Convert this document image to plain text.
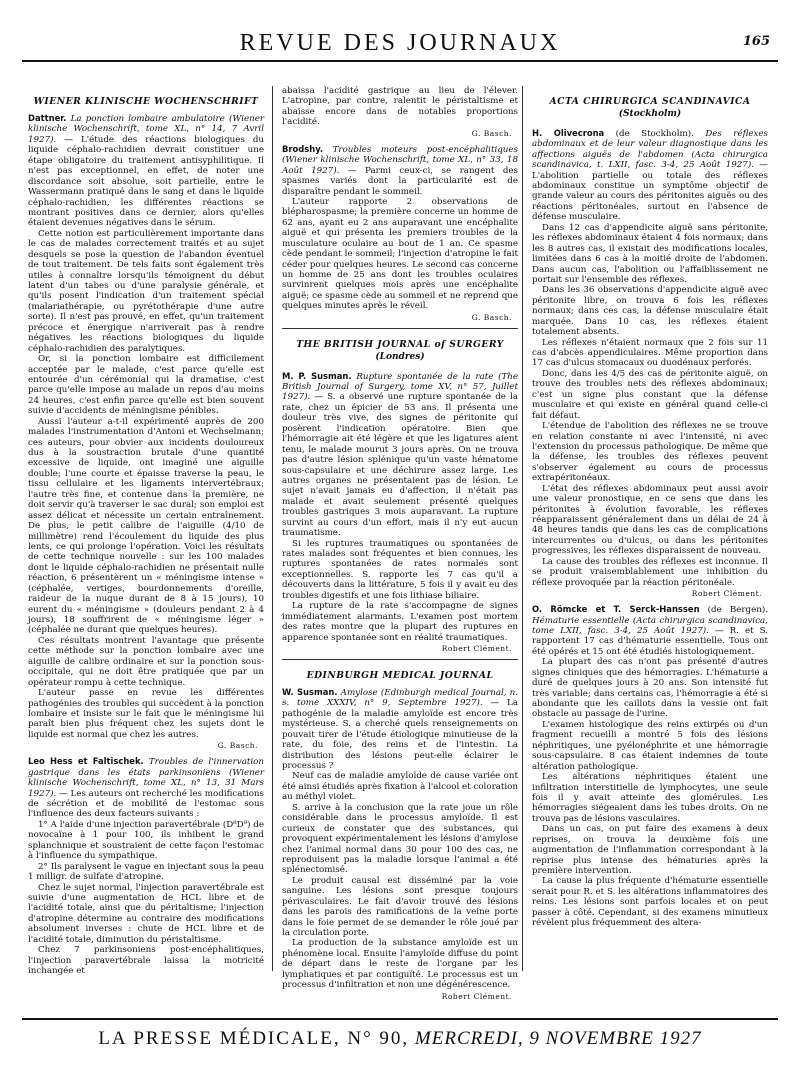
REVUE DES JOURNAUX	165
WIENER KLINISCHE WOCHENSCHRIFT

Dattner. La ponction lombaire ambulatoire (Wiener klinische Wochenschrift, tome XL, n° 14, 7 Avril 1927). — L'étude des réactions biologiques du liquide céphalo-rachidien devrait constituer une étape obligatoire du traitement antisyphilitique. Il n'est pas exceptionnel, en effet, de noter une discordance soit absolue, soit partielle, entre le Wassermann pratiqué dans le sang et dans le liquide céphalo-rachidien, les différentes réactions se montrant positives dans ce dernier, alors qu'elles étaient devenues négatives dans le sérum.

Cette notion est particulièrement importante dans le cas de malades correctement traités et au sujet desquels se pose la question de l'abandon éventuel de tout traitement. De tels faits sont également très utiles à connaître lorsqu'ils témoignent du début latent d'un tabes ou d'une paralysie générale, et qu'ils posent l'indication d'un traitement spécial (malariathérapie, ou pyrétothérapie d'une autre sorte). Il n'est pas prouvé, en effet, qu'un traitement précoce et énergique n'arriverait pas à rendre négatives les réactions biologiques du liquide céphalo-rachidien des paralytiques.

Or, si la ponction lombaire est difficilement acceptée par le malade, c'est parce qu'elle est entourée d'un cérémonial qui la dramatise, c'est parce qu'elle impose au malade un repos d'au moins 24 heures, c'est enfin parce qu'elle est bien souvent suivie d'accidents de méningisme pénibles.

Aussi l'auteur a-t-il expérimenté auprès de 200 malades l'instrumentation d'Antoni et Wechselmann; ces auteurs, pour obvier aux incidents douloureux dus à la soustraction brutale d'une quantité excessive de liquide, ont imaginé une aiguille double; l'une courte et épaisse traverse la peau, le tissu cellulaire et les ligaments intervertébraux; l'autre très fine, et contenue dans la première, ne doit servir qu'à traverser le sac dural; son emploi est assez délicat et nécessite un certain entraînement. De plus, le petit calibre de l'aiguille (4/10 de millimètre) rend l'écoulement du liquide des plus lents, ce qui prolonge l'opération. Voici les résultats de cette technique nouvelle : sur les 100 malades dont le liquide céphalo-rachidien ne présentait nulle réaction, 6 présentèrent un « méningisme intense » (céphalée, vertiges, bourdonnements d'oreille, raideur de la nuque durant de 8 à 15 jours), 10 eurent du « méningisme » (douleurs pendant 2 à 4 jours), 18 souffrirent de « méningisme léger » (céphalée ne durant que quelques heures).

Ces résultats montrent l'avantage que présente cette méthode sur la ponction lombaire avec une aiguille de calibre ordinaire et sur la ponction sous-occipitale, qui ne doit être pratiquée que par un opérateur rompu à cette technique.

L'auteur passe en revue les différentes pathogénies des troubles qui succèdent à la ponction lombaire et insiste sur le fait que le méningisme lui paraît bien plus fréquent chez les sujets dont le liquide est normal que chez les autres.

G. Basch.

Leo Hess et Faltischek. Troubles de l'innervation gastrique dans les états parkinsoniens (Wiener klinische Wochenschrift, tome XL, n° 13, 31 Mars 1927). — Les auteurs ont recherché les modifications de sécrétion et de mobilité de l'estomac sous l'influence des deux facteurs suivants :

1° A l'aide d'une injection paravertébrale (D⁸D⁹) de novocaïne à 1 pour 100, ils inhibent le grand splanchnique et soustraient de cette façon l'estomac à l'influence du sympathique.

2° Ils paralysent le vague en injectant sous la peau 1 milligr. de sulfate d'atropine.

Chez le sujet normal, l'injection paravertébrale est suivie d'une augmentation de HCL libre et de l'acidité totale, ainsi que du péritaltisme; l'injection d'atropine détermine au contraire des modifications absolument inverses : chute de HCL libre et de l'acidité totale, diminution du péristaltisme.

Chez 7 parkinsoniens post-encéphalitiques, l'injection paravertébrale laissa la motricité inchangée et

abaissa l'acidité gastrique au lieu de l'élever. L'atropine, par contre, ralentit le péristaltisme et abaisse encore dans de notables proportions l'acidité.

G. Basch.

Brodshy. Troubles moteurs post-encéphalitiques (Wiener klinische Wochenschrift, tome XL, n° 33, 18 Août 1927). — Parmi ceux-ci, se rangent des spasmes variés dont la particularité est de disparaître pendant le sommeil.

L'auteur rapporte 2 observations de blépharospasme; la première concerne un homme de 62 ans, ayant eu 2 ans auparavant une encéphalite aiguë et qui présenta les premiers troubles de la musculature oculaire au bout de 1 an. Ce spasme cède pendant le sommeil; l'injection d'atropine le fait céder pour quelques heures. Le second cas concerne un homme de 25 ans dont les troubles oculaires survinrent quelques mois après une encéphalite aiguë; ce spasme cède au sommeil et ne reprend que quelques minutes après le réveil.

G. Basch.
THE BRITISH JOURNAL of SURGERY
(Londres)

M. P. Susman. Rupture spontanée de la rate (The British Journal of Surgery, tome XV, n° 57, Juillet 1927). — S. a observé une rupture spontanée de la rate, chez un épicier de 53 ans. Il présenta une douleur très vive, des signes de péritonite qui posèrent l'indication opératoire. Bien que l'hémorragie ait été légère et que les ligatures aient tenu, le malade mourut 3 jours après. On ne trouva pas d'autre lésion splénique qu'un vaste hématome sous-capsulaire et une déchirure assez large. Les autres organes ne présentaient pas de lésion. Le sujet n'avait jamais eu d'affection, il n'était pas malade et avait seulement présenté quelques troubles gastriques 3 mois auparavant. La rupture survint au cours d'un effort, mais il n'y eut aucun traumatisme.

Si les ruptures traumatiques ou spontanées de rates malades sont fréquentes et bien connues, les ruptures spontanées de rates normales sont exceptionnelles. S. rapporte les 7 cas qu'il a découverts dans la littérature, 5 fois il y avait eu des troubles digestifs et une fois lithiase biliaire.

La rupture de la rate s'accompagne de signes immédiatement alarmants. L'examen post mortem des rates montre que la plupart des ruptures en apparence spontanée sont en réalité traumatiques.

Robert Clément.
EDINBURGH MEDICAL JOURNAL

W. Susman. Amylose (Edinburgh medical Journal, n. s. tome XXXIV, n° 9, Septembre 1927). — La pathogénie de la maladie amyloïde est encore très mystérieuse. S. a cherché quels renseignements on pouvait tirer de l'étude étiologique minutieuse de la rate, du foie, des reins et de l'intestin. La distribution des lésions peut-elle éclairer le processus ?

Neuf cas de maladie amyloïde de cause variée ont été ainsi étudiés après fixation à l'alcool et coloration au méthyl violet.

S. arrive à la conclusion que la rate joue un rôle considérable dans le processus amyloïde. Il est curieux de constater que des substances, qui provoquent expérimentalement les lésions d'amylose chez l'animal normal dans 30 pour 100 des cas, ne reproduisent pas la maladie lorsque l'animal a été splénectomisé.

Le produit causal est disséminé par la voie sanguine. Les lésions sont presque toujours périvasculaires. Le fait d'avoir trouvé des lésions dans les parois des ramifications de la veine porte dans le foie permet de se demander le rôle joué par la circulation porte.

La production de la substance amyloïde est un phénomène local. Ensuite l'amyloïde diffuse du point de départ dans le reste de l'organe par les lymphatiques et par contiguïté. Le processus est un processus d'infiltration et non une dégénérescence.

Robert Clément.
ACTA CHIRURGICA SCANDINAVICA
(Stockholm)

H. Olivecrona (de Stockholm). Des réflexes abdominaux et de leur valeur diagnostique dans les affections aiguës de l'abdomen (Acta chirurgica scandinavica, t. LXII, fasc. 3-4, 25 Août 1927). — L'abolition partielle ou totale des réflexes abdominaux constitue un symptôme objectif de grande valeur au cours des péritonites aiguës ou des réactions péritonéales, surtout en l'absence de défense musculaire.

Dans 12 cas d'appendicite aiguë sans péritonite, les réflexes abdominaux étaient 4 fois normaux; dans les 8 autres cas, il existait des modifications locales, limitées dans 6 cas à la moitié droite de l'abdomen. Dans aucun cas, l'abolition ou l'affaiblissement ne portait sur l'ensemble des réflexes.

Dans les 36 observations d'appendicite aiguë avec péritonite libre, on trouva 6 fois les réflexes normaux; dans ces cas, la défense musculaire était marquée. Dans 10 cas, les réflexes étaient totalement absents.

Les réflexes n'étaient normaux que 2 fois sur 11 cas d'abcès appendiculaires. Même proportion dans 17 cas d'ulcus stomacaux ou duodénaux perforés.

Donc, dans les 4/5 des cas de péritonite aiguë, on trouve des troubles nets des réflexes abdominaux; c'est un signe plus constant que la défense musculaire et qui existe en général quand celle-ci fait défaut.

L'étendue de l'abolition des réflexes ne se trouve en relation constante ni avec l'intensité, ni avec l'extension du processus pathologique. De même que la défense, les troubles des réflexes peuvent s'observer également au cours de processus extrapéritonéaux.

L'état des réflexes abdominaux peut aussi avoir une valeur pronostique, en ce sens que dans les péritonites à évolution favorable, les réflexes réapparaissent généralement dans un délai de 24 à 48 heures tandis que dans les cas de complications intercurrentes ou d'ulcus, ou dans les péritonites progressives, les réflexes disparaissent de nouveau.

La cause des troubles des réflexes est inconnue. Il se produit vraisemblablement une inhibition du réflexe provoquée par la réaction péritonéale.

Robert Clément.

O. Römcke et T. Serck-Hanssen (de Bergen). Hématurie essentielle (Acta chirurgica scandinavica, tome LXII, fasc. 3-4, 25 Août 1927). — R. et S. rapportent 17 cas d'hématurie essentielle. Tous ont été opérés et 15 ont été étudiés histologiquement.

La plupart des cas n'ont pas présenté d'autres signes cliniques que des hémorragies. L'hématurie a duré de quelques jours à 20 ans. Son intensité fut très variable; dans certains cas, l'hémorragie a été si abondante que les caillots dans la vessie ont fait obstacle au passage de l'urine.

L'examen histologique des reins extirpés ou d'un fragment recueilli a montré 5 fois des lésions néphritiques, une pyélonéphrite et une hémorragie sous-capsulaire. 8 cas étaient indemnes de toute altération pathologique.

Les altérations néphritiques étaient une infiltration interstitielle de lymphocytes, une seule fois il y avait atteinte des glomérules. Les hémorragies siégeaient dans les tubes droits. On ne trouva pas de lésions vasculaires.

Dans un cas, on put faire des examens à deux reprises, on trouva la deuxième fois une augmentation de l'inflammation correspondant à la reprise plus intense des hématuries après la première intervention.

La cause la plus fréquente d'hématurie essentielle serait pour R. et S. les altérations inflammatoires des reins. Les lésions sont parfois locales et on peut passer à côté. Cependant, si des examens minutieux révèlent plus fréquemment des altera-

LA PRESSE MÉDICALE, N° 90, MERCREDI, 9 NOVEMBRE 1927
